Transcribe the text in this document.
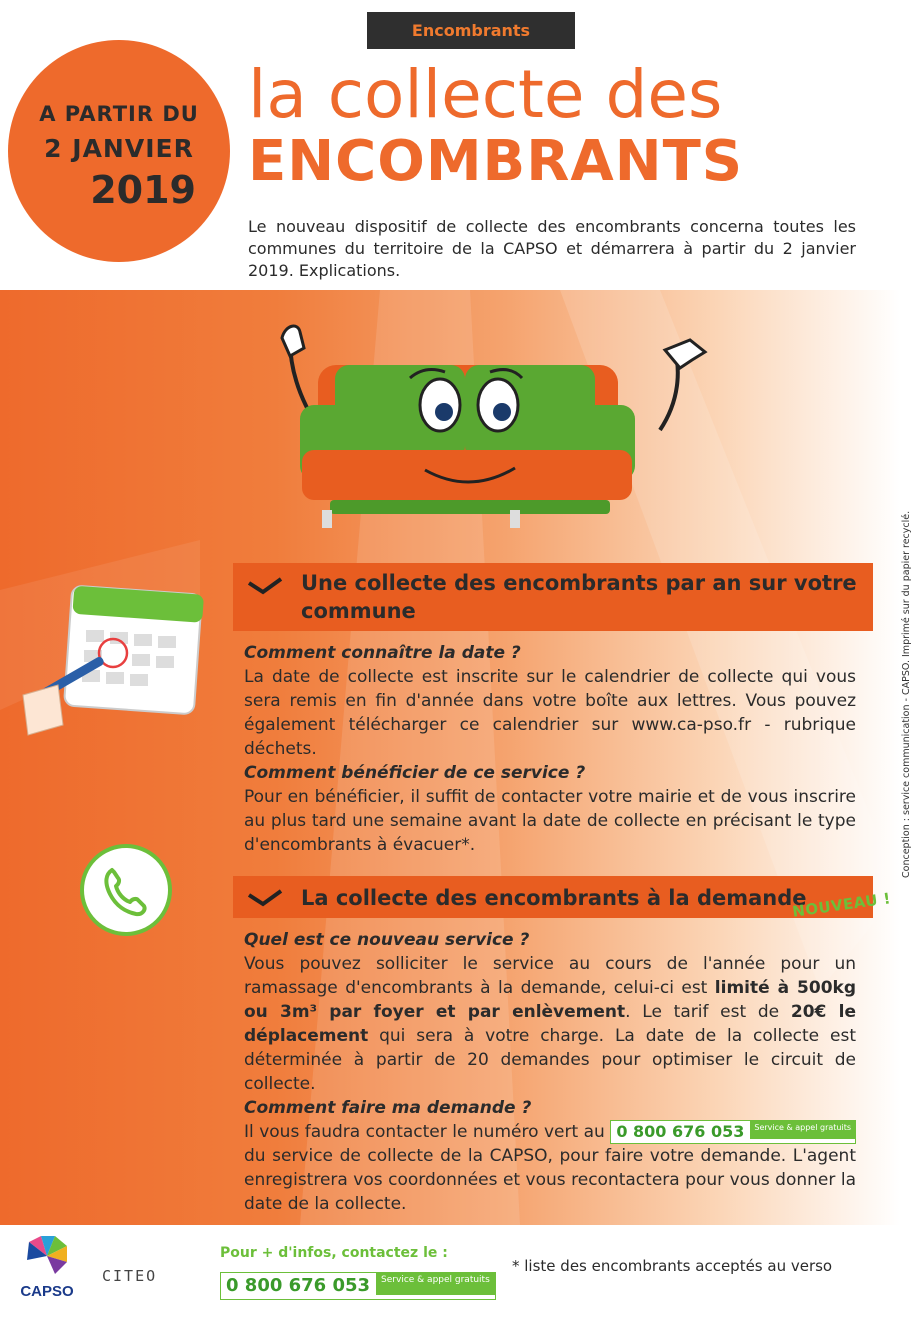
Encombrants
A PARTIR DU
2 JANVIER
2019
la collecte des
ENCOMBRANTS
Le nouveau dispositif de collecte des encombrants concerna toutes les communes du territoire de la CAPSO et démarrera à partir du 2 janvier 2019. Explications.
Une collecte des encombrants par an sur votre commune
Comment connaître la date ?
La date de collecte est inscrite sur le calendrier de collecte qui vous sera remis en fin d'année dans votre boîte aux lettres. Vous pouvez également télécharger ce calendrier sur www.ca-pso.fr - rubrique déchets.
Comment bénéficier de ce service ?
Pour en bénéficier, il suffit de contacter votre mairie et de vous inscrire au plus tard une semaine avant la date de collecte en précisant le type d'encombrants à évacuer*.
La collecte des encombrants à la demande
NOUVEAU !
Quel est ce nouveau service ?
Vous pouvez solliciter le service au cours de l'année pour un ramassage d'encombrants à la demande, celui-ci est limité à 500kg ou 3m³ par foyer et par enlèvement. Le tarif est de 20€ le déplacement qui sera à votre charge. La date de la collecte est déterminée à partir de 20 demandes pour optimiser le circuit de collecte.
Comment faire ma demande ?
Il vous faudra contacter le numéro vert au 0 800 676 053 Service & appel gratuits du service de collecte de la CAPSO, pour faire votre demande. L'agent enregistrera vos coordonnées et vous recontactera pour vous donner la date de la collecte.
Conception : service communication - CAPSO. Imprimé sur du papier recyclé.
CAPSO
CITEO
Pour + d'infos, contactez le :
0 800 676 053 Service & appel gratuits
* liste des encombrants acceptés au verso
